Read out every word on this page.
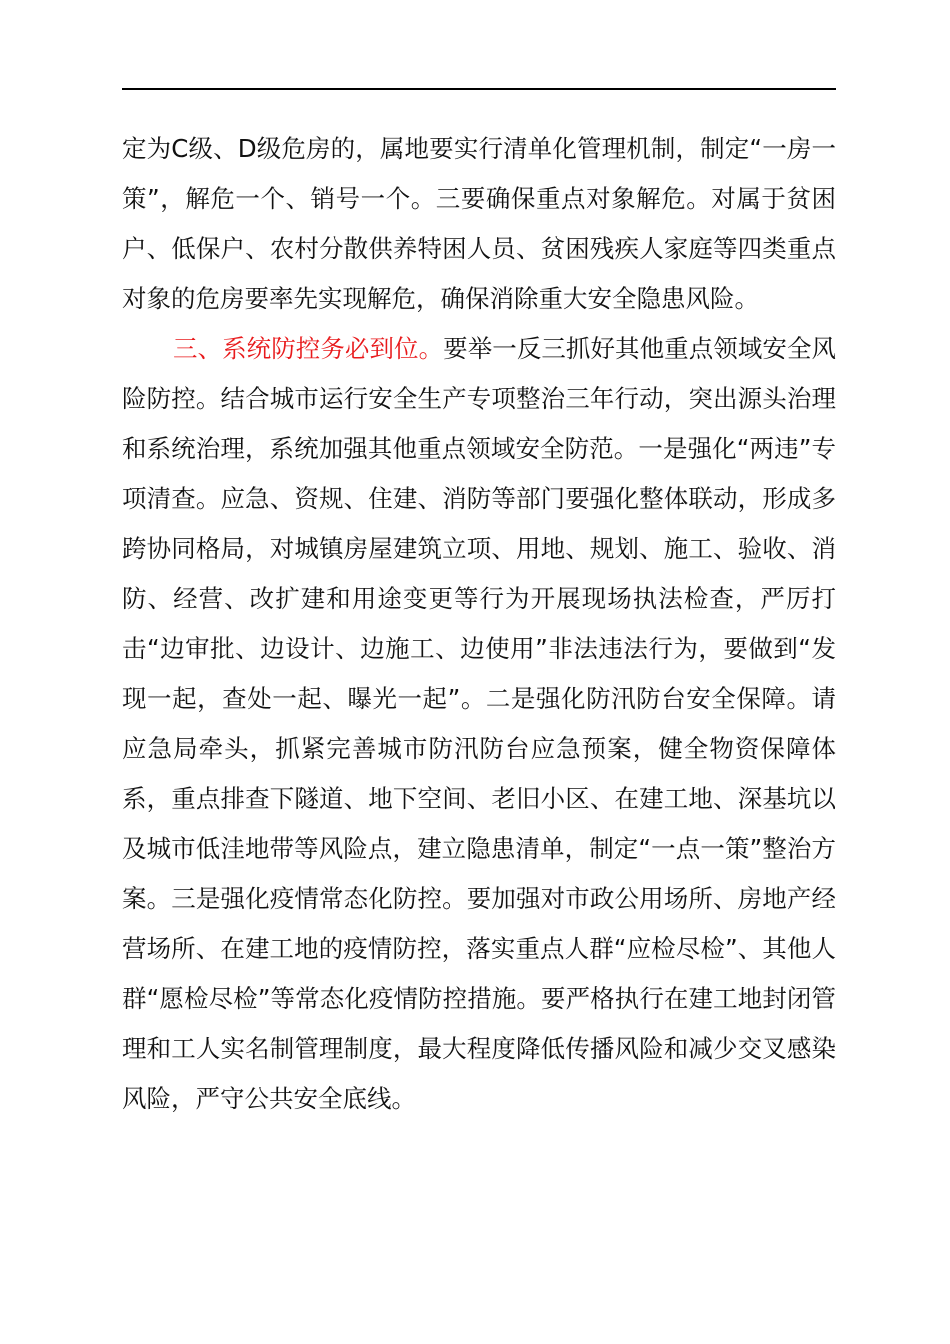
定为C级、D级危房的，属地要实行清单化管理机制，制定“一房一策”，解危一个、销号一个。三要确保重点对象解危。对属于贫困户、低保户、农村分散供养特困人员、贫困残疾人家庭等四类重点对象的危房要率先实现解危，确保消除重大安全隐患风险。

三、系统防控务必到位。要举一反三抓好其他重点领域安全风险防控。结合城市运行安全生产专项整治三年行动，突出源头治理和系统治理，系统加强其他重点领域安全防范。一是强化“两违”专项清查。应急、资规、住建、消防等部门要强化整体联动，形成多跨协同格局，对城镇房屋建筑立项、用地、规划、施工、验收、消防、经营、改扩建和用途变更等行为开展现场执法检查，严厉打击“边审批、边设计、边施工、边使用”非法违法行为，要做到“发现一起，查处一起、曝光一起”。二是强化防汛防台安全保障。请应急局牵头，抓紧完善城市防汛防台应急预案，健全物资保障体系，重点排查下隧道、地下空间、老旧小区、在建工地、深基坑以及城市低洼地带等风险点，建立隐患清单，制定“一点一策”整治方案。三是强化疫情常态化防控。要加强对市政公用场所、房地产经营场所、在建工地的疫情防控，落实重点人群“应检尽检”、其他人群“愿检尽检”等常态化疫情防控措施。要严格执行在建工地封闭管理和工人实名制管理制度，最大程度降低传播风险和减少交叉感染风险，严守公共安全底线。
